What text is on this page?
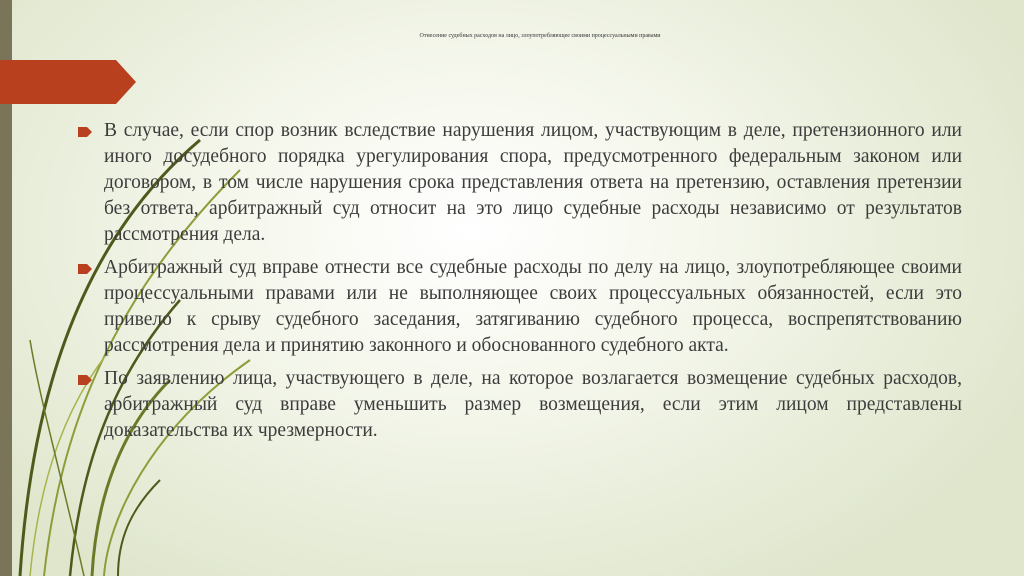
Отнесение судебных расходов на лицо, злоупотребляющее своими процессуальными правами
В случае, если спор возник вследствие нарушения лицом, участвующим в деле, претензионного или иного досудебного порядка урегулирования спора, предусмотренного федеральным законом или договором, в том числе нарушения срока представления ответа на претензию, оставления претензии без ответа, арбитражный суд относит на это лицо судебные расходы независимо от результатов рассмотрения дела.
Арбитражный суд вправе отнести все судебные расходы по делу на лицо, злоупотребляющее своими процессуальными правами или не выполняющее своих процессуальных обязанностей, если это привело к срыву судебного заседания, затягиванию судебного процесса, воспрепятствованию рассмотрения дела и принятию законного и обоснованного судебного акта.
По заявлению лица, участвующего в деле, на которое возлагается возмещение судебных расходов, арбитражный суд вправе уменьшить размер возмещения, если этим лицом представлены доказательства их чрезмерности.
